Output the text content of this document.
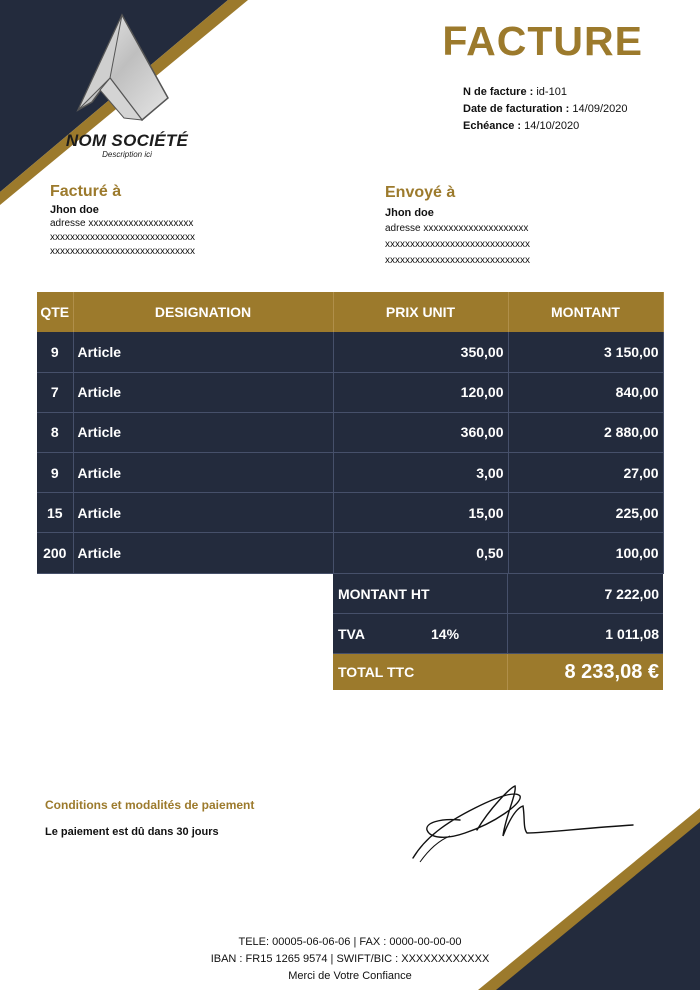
NOM SOCIÉTÉ
Description ici
FACTURE
N de facture : id-101
Date de facturation : 14/09/2020
Echéance : 14/10/2020
Facturé à
Jhon doe
adresse xxxxxxxxxxxxxxxxxxxxx
xxxxxxxxxxxxxxxxxxxxxxxxxxxxx
xxxxxxxxxxxxxxxxxxxxxxxxxxxxx
Envoyé à
Jhon doe
adresse xxxxxxxxxxxxxxxxxxxxx
xxxxxxxxxxxxxxxxxxxxxxxxxxxxx
xxxxxxxxxxxxxxxxxxxxxxxxxxxxx
QTE	DESIGNATION	PRIX UNIT	MONTANT
9	Article	350,00	3 150,00
7	Article	120,00	840,00
8	Article	360,00	2 880,00
9	Article	3,00	27,00
15	Article	15,00	225,00
200	Article	0,50	100,00
MONTANT HT	7 222,00
TVA	14%	1 011,08
TOTAL TTC	8 233,08 €
Conditions et modalités de paiement
Le paiement est dû dans 30 jours
TELE: 00005-06-06-06 | FAX : 0000-00-00-00
IBAN : FR15 1265 9574 | SWIFT/BIC : XXXXXXXXXXXX
Merci de Votre Confiance
